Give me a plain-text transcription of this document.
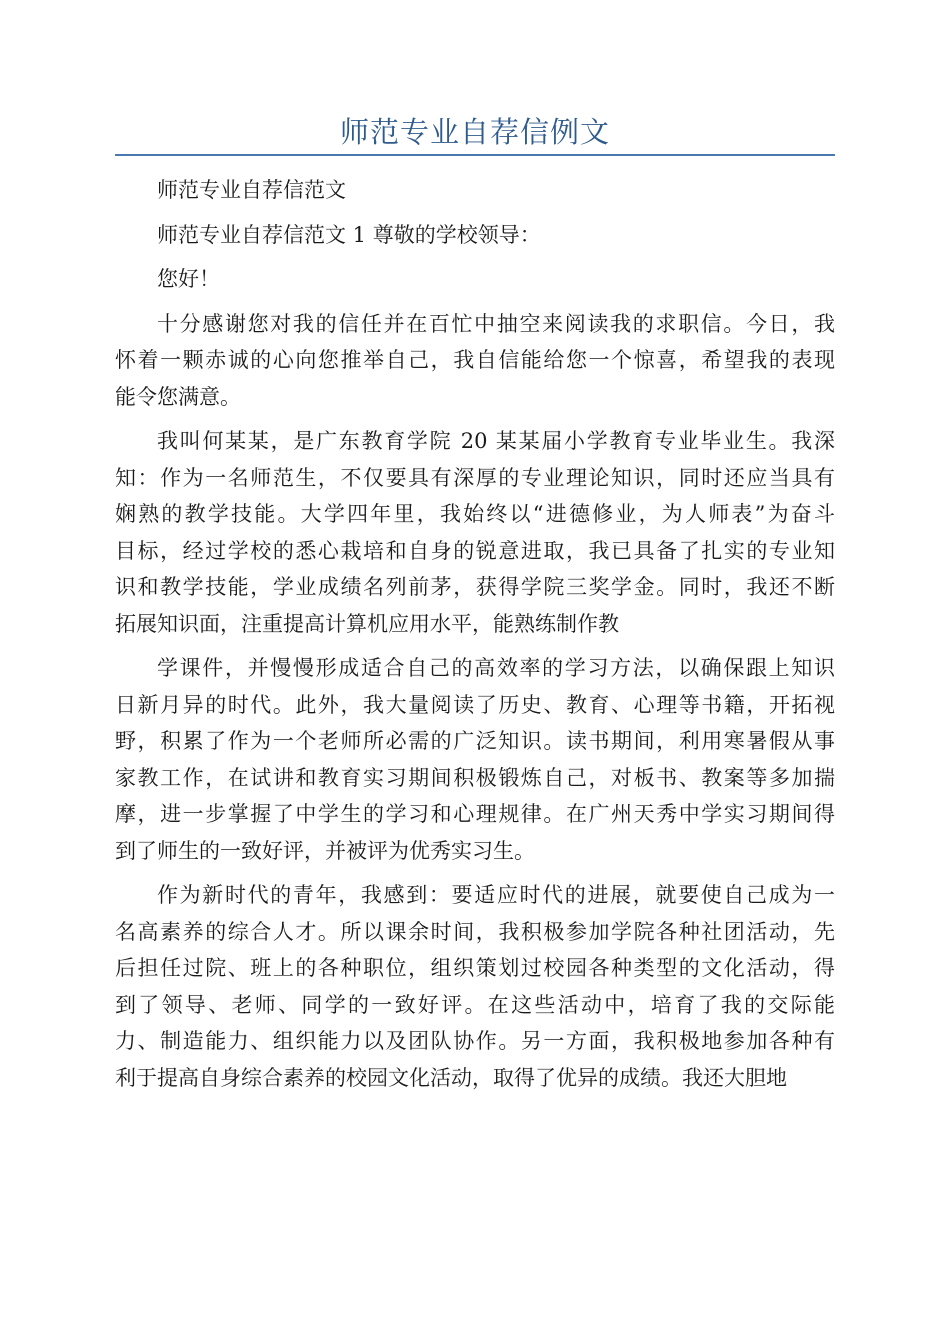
师范专业自荐信例文
师范专业自荐信范文
师范专业自荐信范文 1 尊敬的学校领导：
您好！
十分感谢您对我的信任并在百忙中抽空来阅读我的求职信。今日，我
怀着一颗赤诚的心向您推举自己，我自信能给您一个惊喜，希望我的表现
能令您满意。
我叫何某某，是广东教育学院 20 某某届小学教育专业毕业生。我深
知：作为一名师范生，不仅要具有深厚的专业理论知识，同时还应当具有
娴熟的教学技能。大学四年里，我始终以“进德修业，为人师表”为奋斗
目标，经过学校的悉心栽培和自身的锐意进取，我已具备了扎实的专业知
识和教学技能，学业成绩名列前茅，获得学院三奖学金。同时，我还不断
拓展知识面，注重提高计算机应用水平，能熟练制作教
学课件，并慢慢形成适合自己的高效率的学习方法，以确保跟上知识
日新月异的时代。此外，我大量阅读了历史、教育、心理等书籍，开拓视
野，积累了作为一个老师所必需的广泛知识。读书期间，利用寒暑假从事
家教工作，在试讲和教育实习期间积极锻炼自己，对板书、教案等多加揣
摩，进一步掌握了中学生的学习和心理规律。在广州天秀中学实习期间得
到了师生的一致好评，并被评为优秀实习生。
作为新时代的青年，我感到：要适应时代的进展，就要使自己成为一
名高素养的综合人才。所以课余时间，我积极参加学院各种社团活动，先
后担任过院、班上的各种职位，组织策划过校园各种类型的文化活动，得
到了领导、老师、同学的一致好评。在这些活动中，培育了我的交际能
力、制造能力、组织能力以及团队协作。另一方面，我积极地参加各种有
利于提高自身综合素养的校园文化活动，取得了优异的成绩。我还大胆地
